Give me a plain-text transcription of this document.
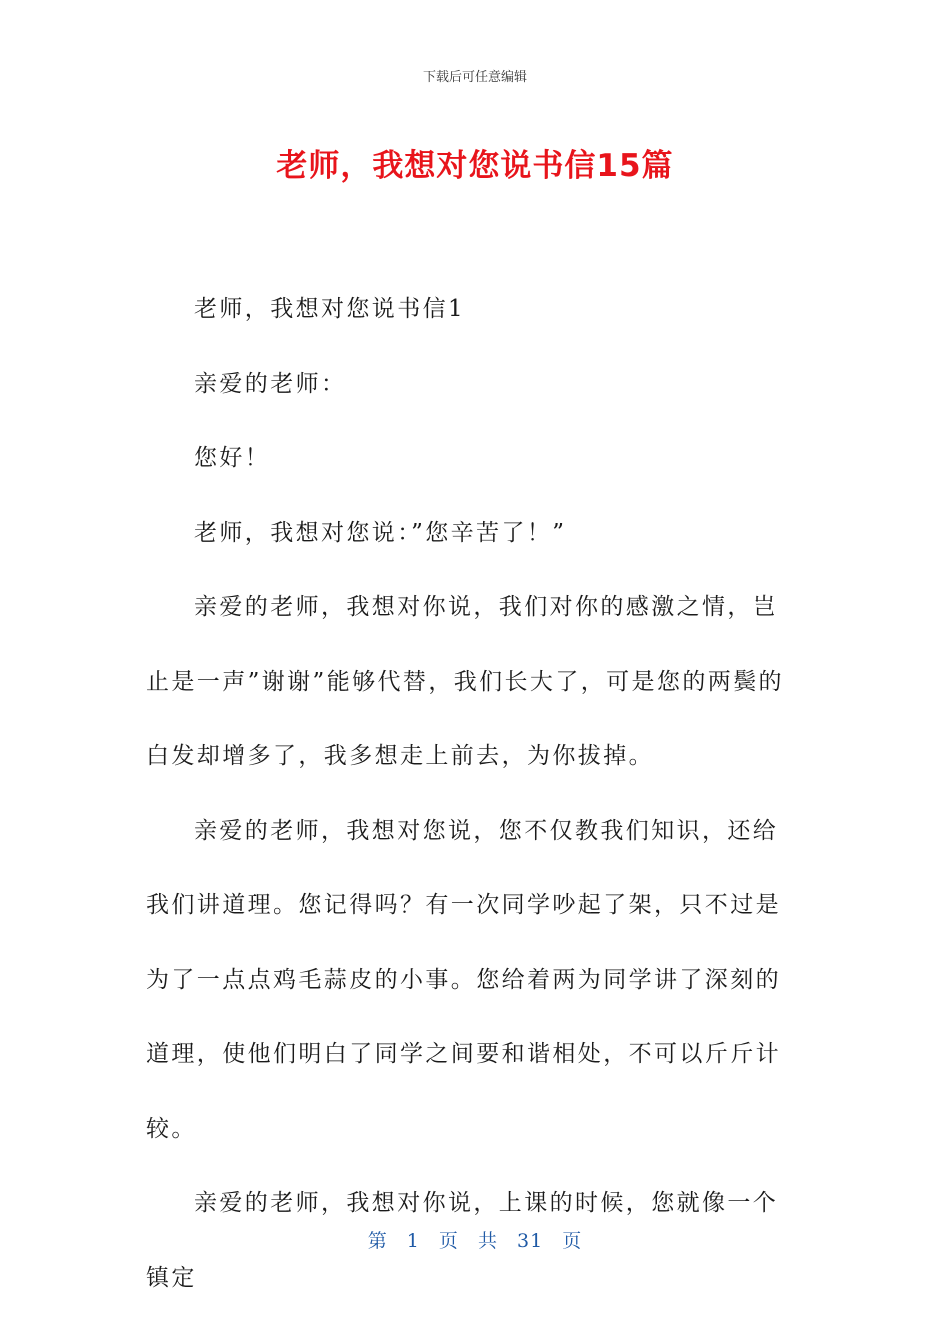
下载后可任意编辑
老师，我想对您说书信15篇

老师，我想对您说书信1

亲爱的老师：

您好！

老师，我想对您说：”您辛苦了！”

亲爱的老师，我想对你说，我们对你的感激之情，岂止是一声”谢谢”能够代替，我们长大了，可是您的两鬓的白发却增多了，我多想走上前去，为你拔掉。

亲爱的老师，我想对您说，您不仅教我们知识，还给我们讲道理。您记得吗？有一次同学吵起了架，只不过是为了一点点鸡毛蒜皮的小事。您给着两为同学讲了深刻的道理，使他们明白了同学之间要和谐相处，不可以斤斤计较。

亲爱的老师，我想对你说，上课的时候，您就像一个镇定

第 1 页 共 31 页
